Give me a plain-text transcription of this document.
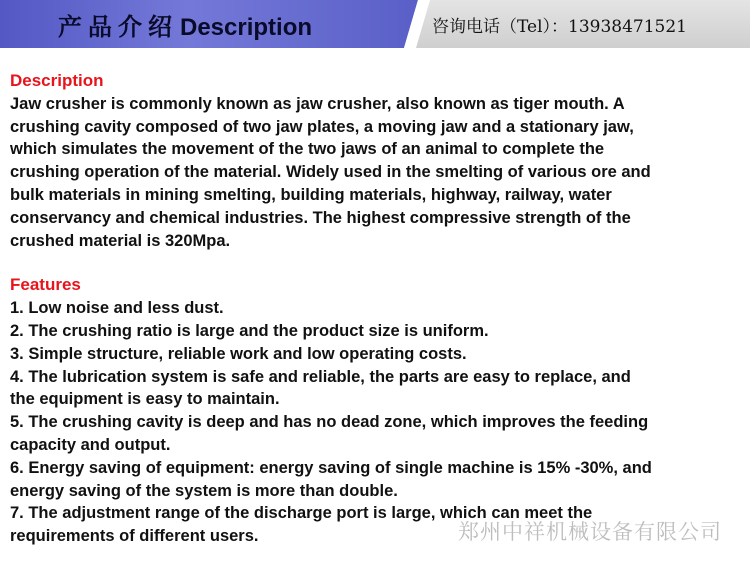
产品介绍Description	咨询电话（Tel）：13938471521
Description

Jaw crusher is commonly known as jaw crusher, also known as tiger mouth. A

crushing cavity composed of two jaw plates, a moving jaw and a stationary jaw,

which simulates the movement of the two jaws of an animal to complete the

crushing operation of the material. Widely used in the smelting of various ore and

bulk materials in mining smelting, building materials, highway, railway, water

conservancy and chemical industries. The highest compressive strength of the

crushed material is 320Mpa.

Features

1. Low noise and less dust.

2. The crushing ratio is large and the product size is uniform.

3. Simple structure, reliable work and low operating costs.

4. The lubrication system is safe and reliable, the parts are easy to replace, and

the equipment is easy to maintain.

5. The crushing cavity is deep and has no dead zone, which improves the feeding

capacity and output.

6. Energy saving of equipment: energy saving of single machine is 15% -30%, and

energy saving of the system is more than double.

7. The adjustment range of the discharge port is large, which can meet the

requirements of different users.	郑州中祥机械设备有限公司
